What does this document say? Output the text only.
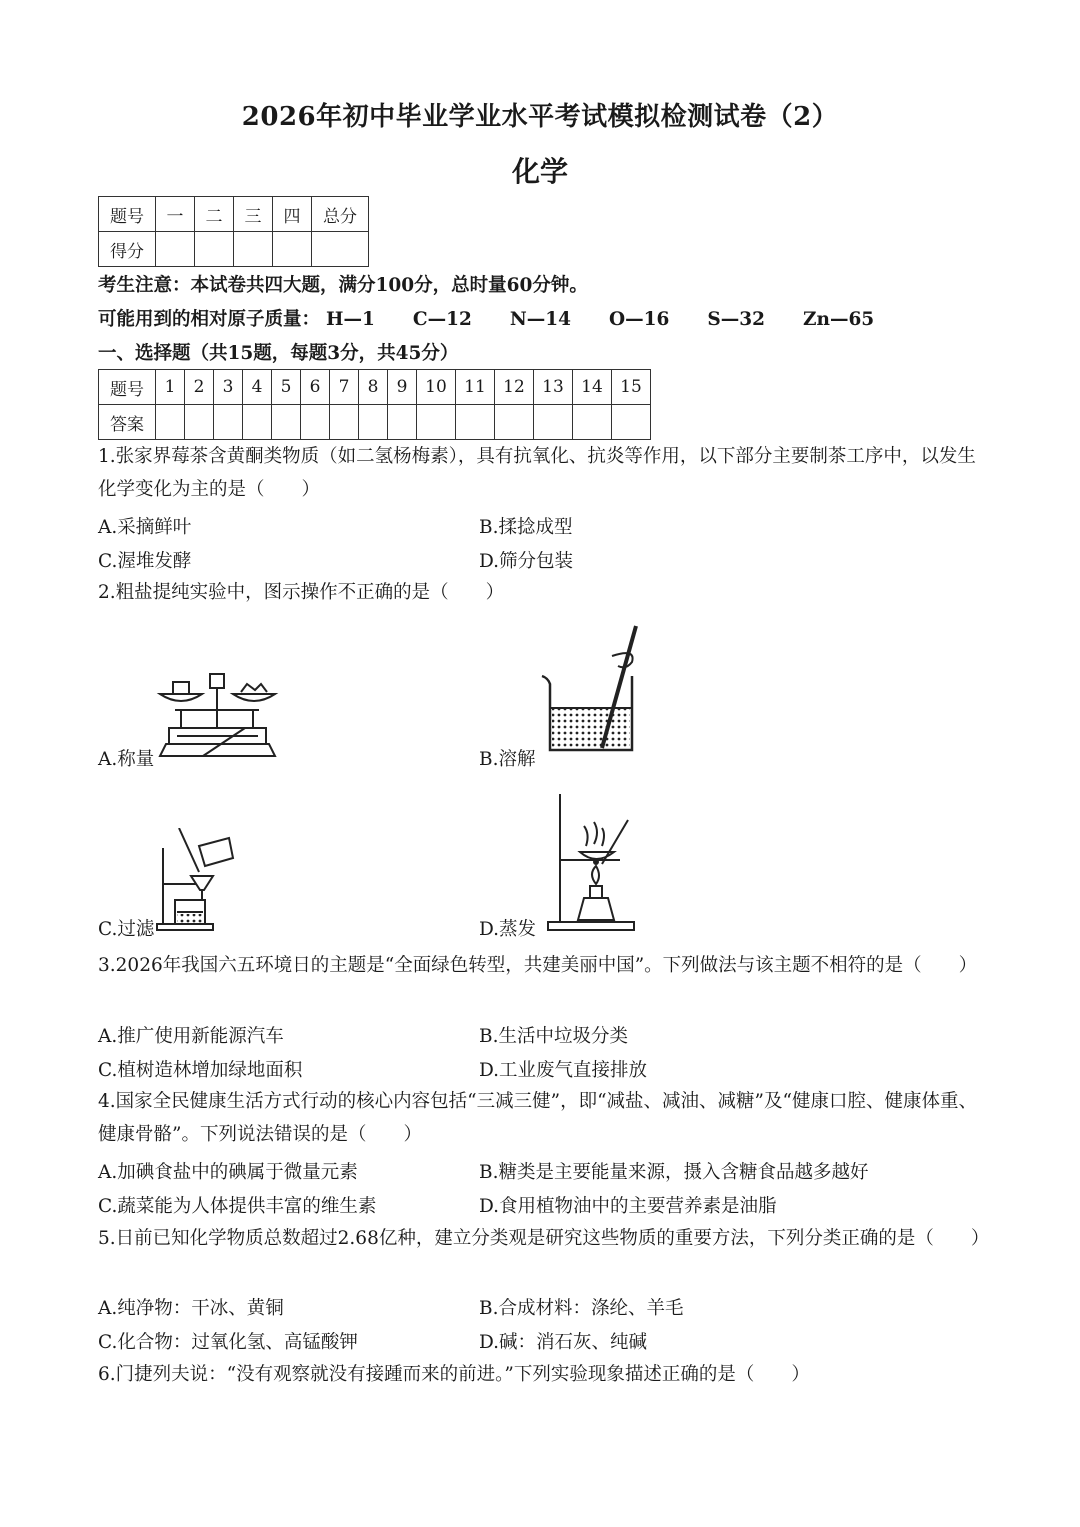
2026年初中毕业学业水平考试模拟检测试卷（2）
化学
题号	一	二	三	四	总分
得分					
考生注意：本试卷共四大题，满分100分，总时量60分钟。
可能用到的相对原子质量： H—1 C—12 N—14 O—16 S—32 Zn—65
一、选择题（共15题，每题3分，共45分）
题号	1	2	3	4	5	6	7	8	9	10	11	12	13	14	15
答案															
1.张家界莓茶含黄酮类物质（如二氢杨梅素），具有抗氧化、抗炎等作用，以下部分主要制茶工序中，以发生化学变化为主的是（　　）
A.采摘鲜叶	B.揉捻成型
C.渥堆发酵	D.筛分包装
2.粗盐提纯实验中，图示操作不正确的是（　　）
A.称量	B.溶解
C.过滤	D.蒸发
3.2026年我国六五环境日的主题是“全面绿色转型，共建美丽中国”。下列做法与该主题不相符的是（　　）
A.推广使用新能源汽车	B.生活中垃圾分类
C.植树造林增加绿地面积	D.工业废气直接排放
4.国家全民健康生活方式行动的核心内容包括“三减三健”，即“减盐、减油、减糖”及“健康口腔、健康体重、健康骨骼”。下列说法错误的是（　　）
A.加碘食盐中的碘属于微量元素	B.糖类是主要能量来源，摄入含糖食品越多越好
C.蔬菜能为人体提供丰富的维生素	D.食用植物油中的主要营养素是油脂
5.日前已知化学物质总数超过2.68亿种，建立分类观是研究这些物质的重要方法，下列分类正确的是（　　）
A.纯净物：干冰、黄铜	B.合成材料：涤纶、羊毛
C.化合物：过氧化氢、高锰酸钾	D.碱：消石灰、纯碱
6.门捷列夫说：“没有观察就没有接踵而来的前进。”下列实验现象描述正确的是（　　）
